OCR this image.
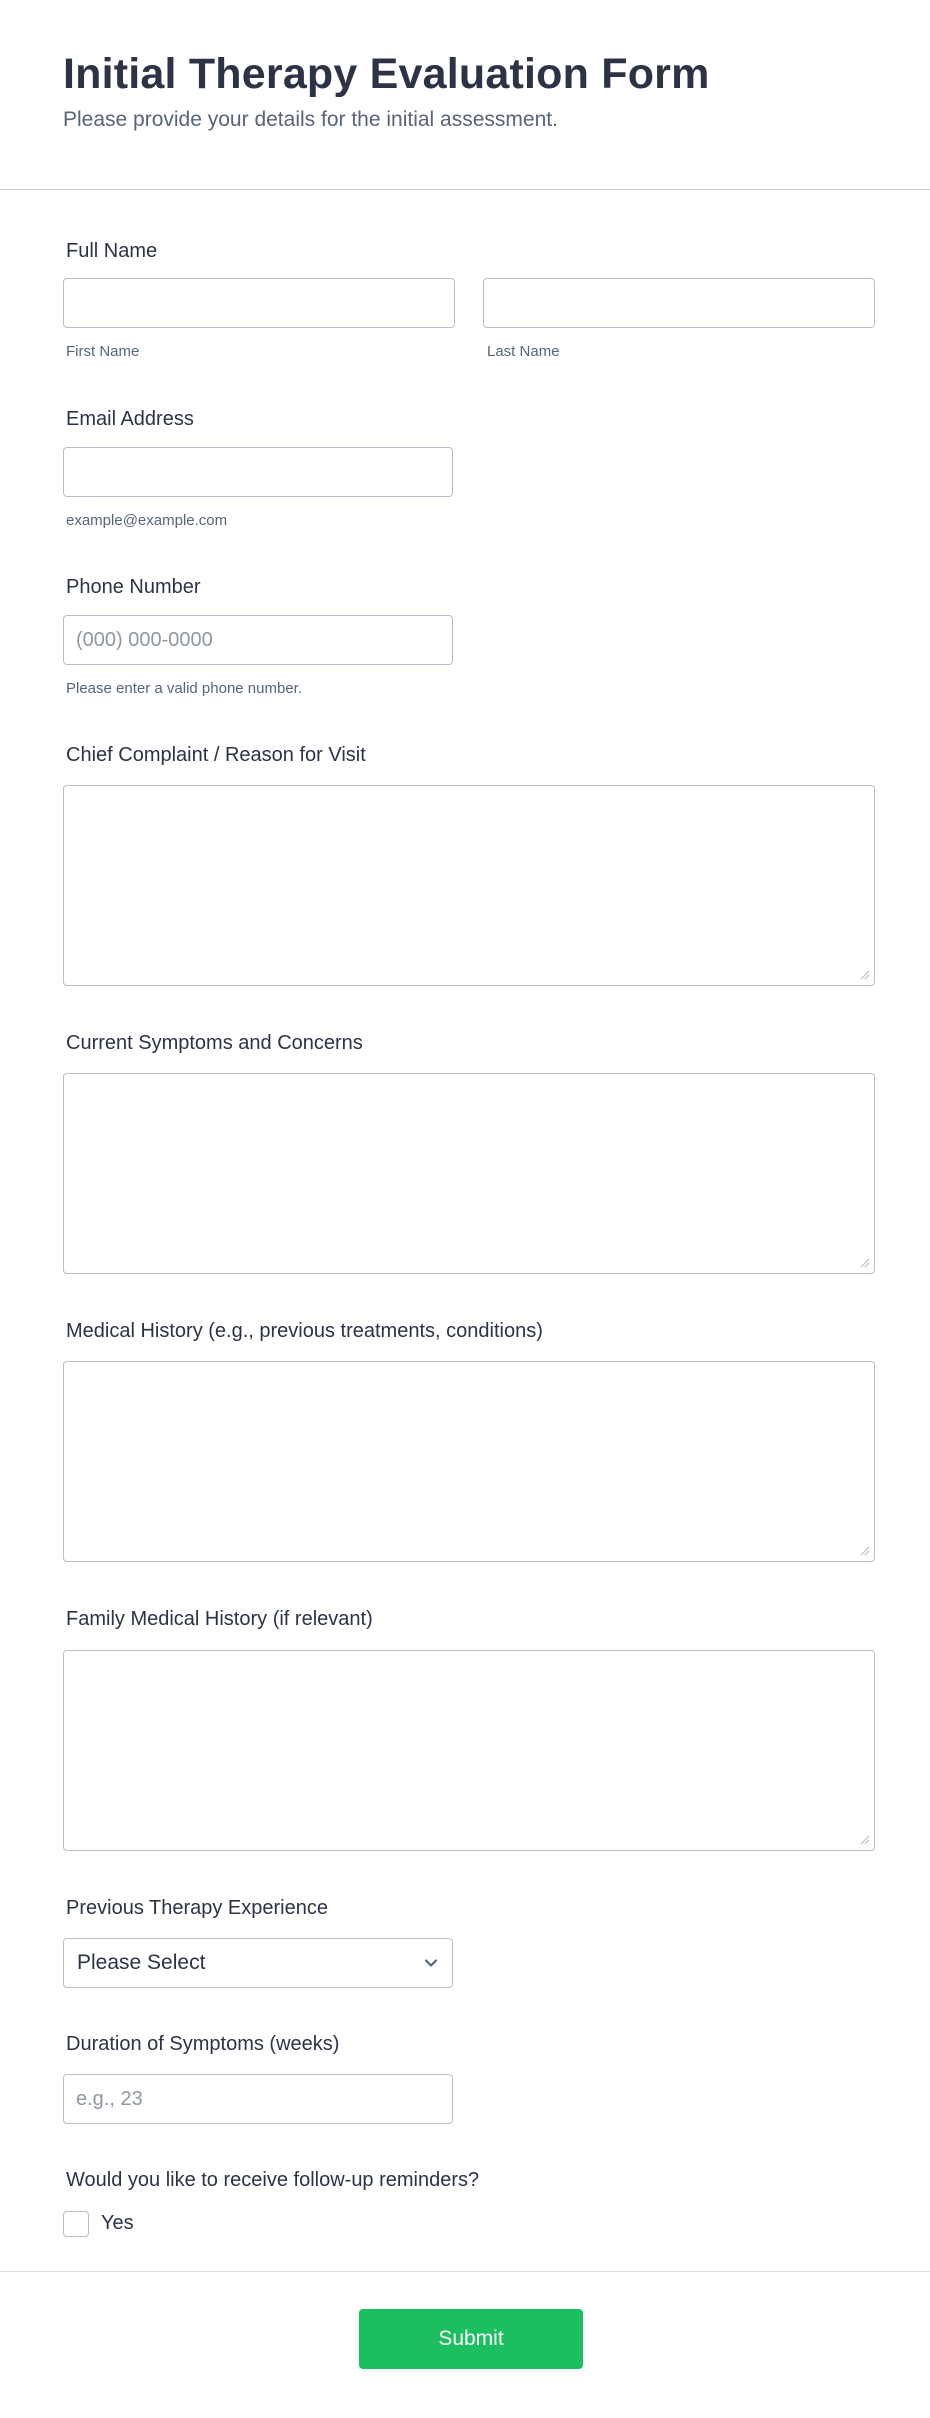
Initial Therapy Evaluation Form

Please provide your details for the initial assessment.

Full Name
First Name	Last Name
Email Address
example@example.com
Phone Number
(000) 000-0000
Please enter a valid phone number.
Chief Complaint / Reason for Visit
Current Symptoms and Concerns
Medical History (e.g., previous treatments, conditions)
Family Medical History (if relevant)
Previous Therapy Experience
Please Select
Duration of Symptoms (weeks)
e.g., 23
Would you like to receive follow-up reminders?
Yes
Submit
